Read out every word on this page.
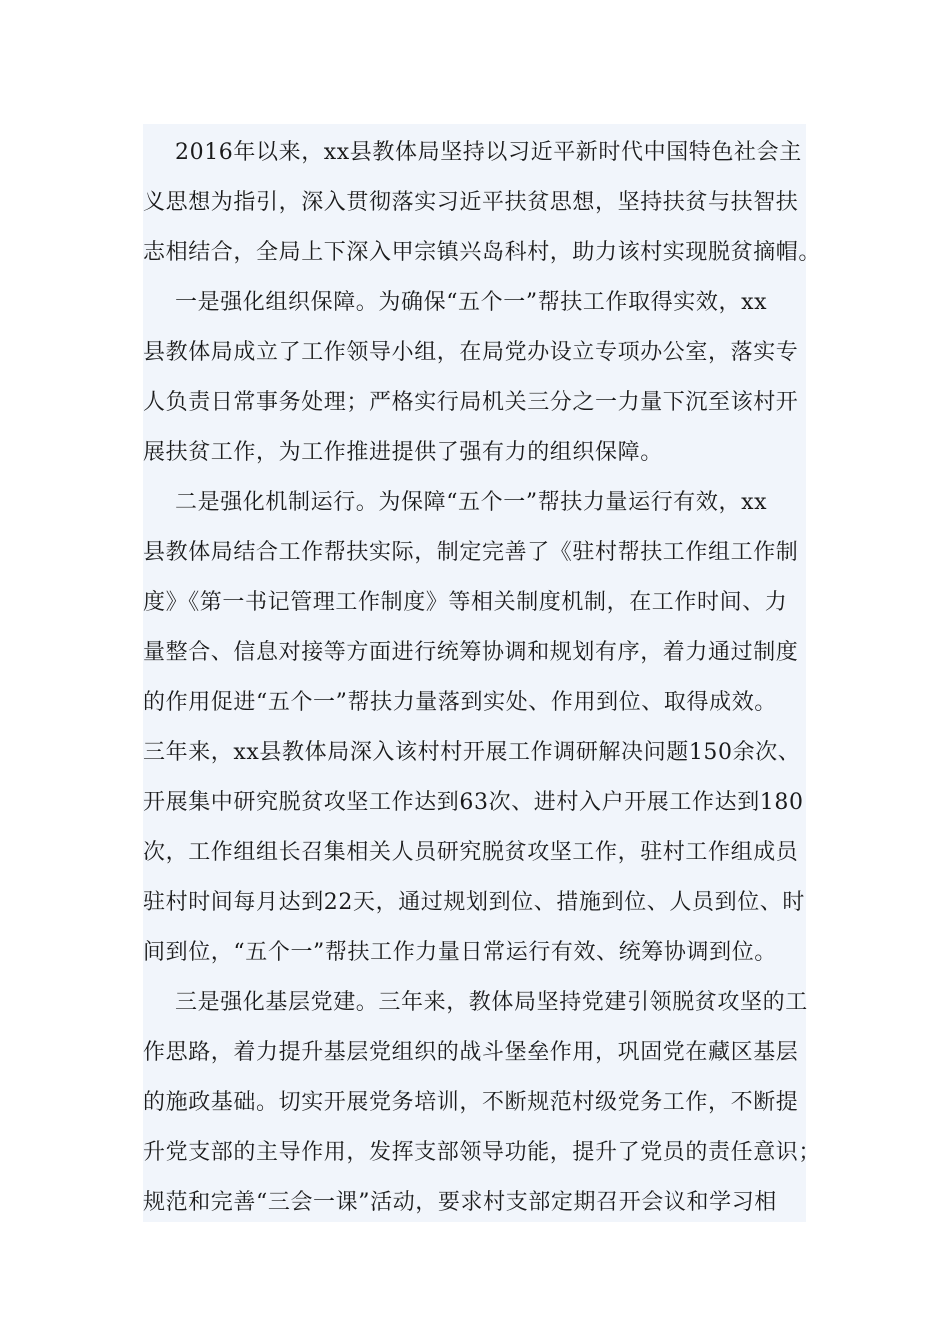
2016年以来，xx县教体局坚持以习近平新时代中国特色社会主
义思想为指引，深入贯彻落实习近平扶贫思想，坚持扶贫与扶智扶
志相结合，全局上下深入甲宗镇兴岛科村，助力该村实现脱贫摘帽。
一是强化组织保障。为确保“五个一”帮扶工作取得实效，xx
县教体局成立了工作领导小组，在局党办设立专项办公室，落实专
人负责日常事务处理；严格实行局机关三分之一力量下沉至该村开
展扶贫工作，为工作推进提供了强有力的组织保障。
二是强化机制运行。为保障“五个一”帮扶力量运行有效，xx
县教体局结合工作帮扶实际，制定完善了《驻村帮扶工作组工作制
度》《第一书记管理工作制度》等相关制度机制，在工作时间、力
量整合、信息对接等方面进行统筹协调和规划有序，着力通过制度
的作用促进“五个一”帮扶力量落到实处、作用到位、取得成效。
三年来，xx县教体局深入该村村开展工作调研解决问题150余次、
开展集中研究脱贫攻坚工作达到63次、进村入户开展工作达到180
次，工作组组长召集相关人员研究脱贫攻坚工作，驻村工作组成员
驻村时间每月达到22天，通过规划到位、措施到位、人员到位、时
间到位，“五个一”帮扶工作力量日常运行有效、统筹协调到位。
三是强化基层党建。三年来，教体局坚持党建引领脱贫攻坚的工
作思路，着力提升基层党组织的战斗堡垒作用，巩固党在藏区基层
的施政基础。切实开展党务培训，不断规范村级党务工作，不断提
升党支部的主导作用，发挥支部领导功能，提升了党员的责任意识；
规范和完善“三会一课”活动，要求村支部定期召开会议和学习相
